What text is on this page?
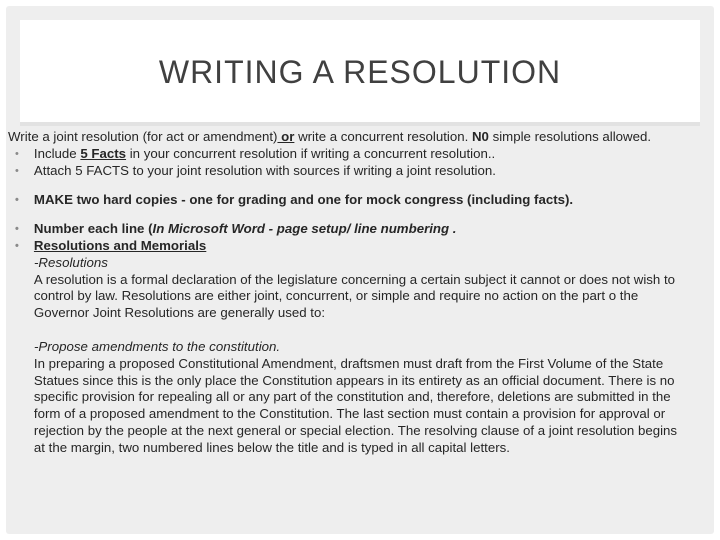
WRITING A RESOLUTION
Write a joint resolution (for act or amendment) or write a concurrent resolution. N0 simple resolutions allowed.
• Include 5 Facts in your concurrent resolution if writing a concurrent resolution..
• Attach 5 FACTS to your joint resolution with sources if writing a joint resolution.
• MAKE two hard copies - one for grading and one for mock congress (including facts).
• Number each line (In Microsoft Word - page setup/ line numbering .
• Resolutions and Memorials
-Resolutions
A resolution is a formal declaration of the legislature concerning a certain subject it cannot or does not wish to
control by law. Resolutions are either joint, concurrent, or simple and require no action on the part o the
Governor Joint Resolutions are generally used to:
-Propose amendments to the constitution.
In preparing a proposed Constitutional Amendment, draftsmen must draft from the First Volume of the State
Statues since this is the only place the Constitution appears in its entirety as an official document. There is no
specific provision for repealing all or any part of the constitution and, therefore, deletions are submitted in the
form of a proposed amendment to the Constitution. The last section must contain a provision for approval or
rejection by the people at the next general or special election. The resolving clause of a joint resolution begins
at the margin, two numbered lines below the title and is typed in all capital letters.
